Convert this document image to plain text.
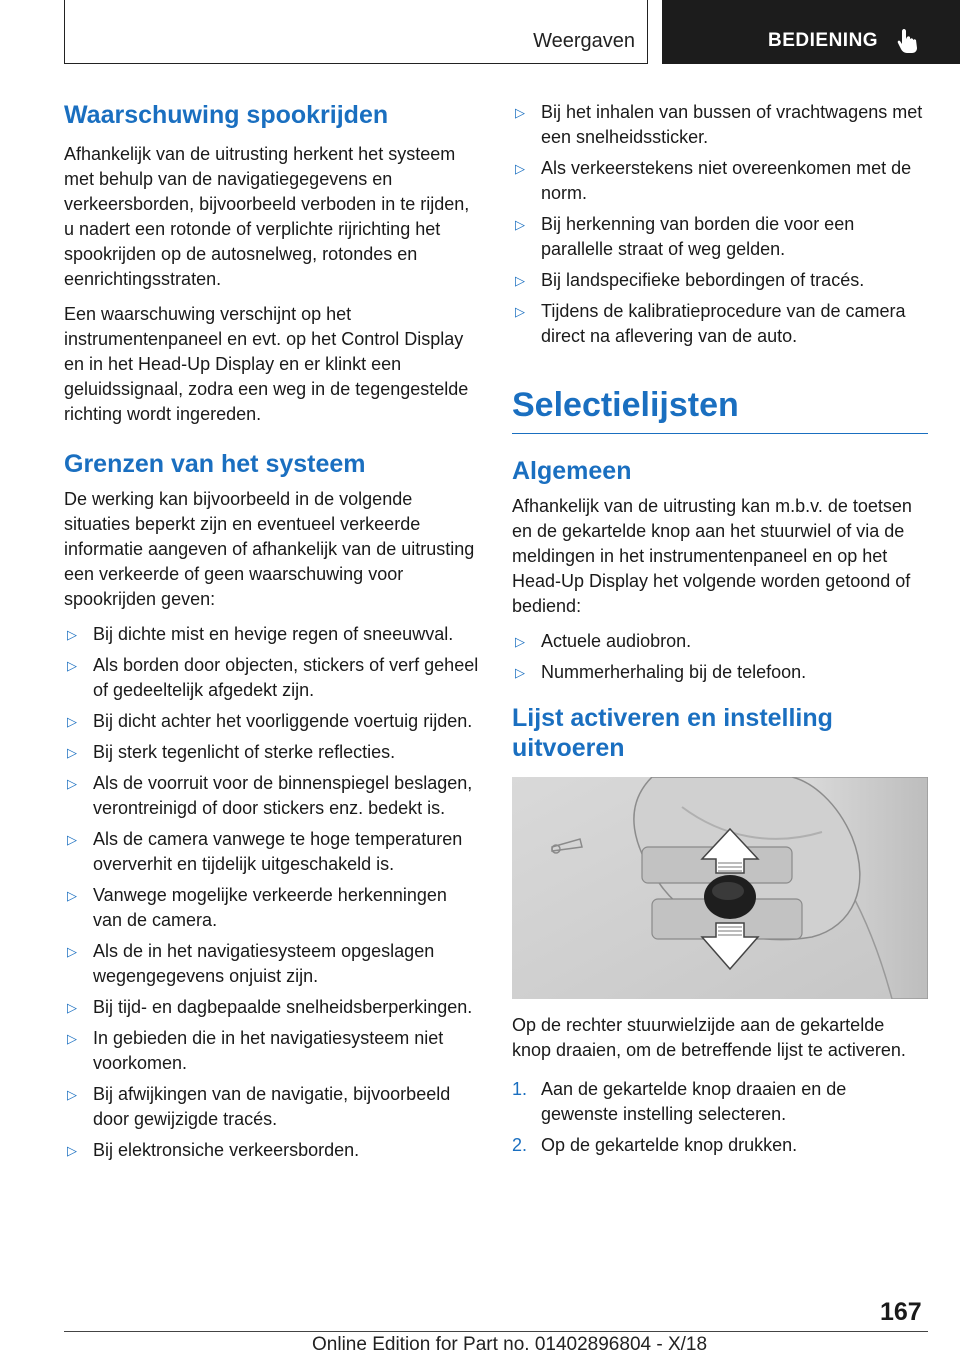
Weergaven	BEDIENING
Waarschuwing spookrijden

Afhankelijk van de uitrusting herkent het systeem met behulp van de navigatiegegevens en verkeersborden, bijvoorbeeld verboden in te rijden, u nadert een rotonde of verplichte rijrichting het spookrijden op de autosnelweg, rotondes en eenrichtingsstraten.

Een waarschuwing verschijnt op het instrumentenpaneel en evt. op het Control Display en in het Head-Up Display en er klinkt een geluidssignaal, zodra een weg in de tegengestelde richting wordt ingereden.

Grenzen van het systeem

De werking kan bijvoorbeeld in de volgende situaties beperkt zijn en eventueel verkeerde informatie aangeven of afhankelijk van de uitrusting een verkeerde of geen waarschuwing voor spookrijden geven:

▷ Bij dichte mist en hevige regen of sneeuwval.
▷ Als borden door objecten, stickers of verf geheel of gedeeltelijk afgedekt zijn.
▷ Bij dicht achter het voorliggende voertuig rijden.
▷ Bij sterk tegenlicht of sterke reflecties.
▷ Als de voorruit voor de binnenspiegel beslagen, verontreinigd of door stickers enz. bedekt is.
▷ Als de camera vanwege te hoge temperaturen oververhit en tijdelijk uitgeschakeld is.
▷ Vanwege mogelijke verkeerde herkenningen van de camera.
▷ Als de in het navigatiesysteem opgeslagen wegengegevens onjuist zijn.
▷ Bij tijd- en dagbepaalde snelheidsberperkingen.
▷ In gebieden die in het navigatiesysteem niet voorkomen.
▷ Bij afwijkingen van de navigatie, bijvoorbeeld door gewijzigde tracés.
▷ Bij elektronsiche verkeersborden.
▷ Bij het inhalen van bussen of vrachtwagens met een snelheidssticker.
▷ Als verkeerstekens niet overeenkomen met de norm.
▷ Bij herkenning van borden die voor een parallelle straat of weg gelden.
▷ Bij landspecifieke bebordingen of tracés.
▷ Tijdens de kalibratieprocedure van de camera direct na aflevering van de auto.
Selectielijsten
Algemeen

Afhankelijk van de uitrusting kan m.b.v. de toetsen en de gekartelde knop aan het stuurwiel of via de meldingen in het instrumentenpaneel en op het Head-Up Display het volgende worden getoond of bediend:

▷ Actuele audiobron.
▷ Nummerherhaling bij de telefoon.
Lijst activeren en instelling uitvoeren

Op de rechter stuurwielzijde aan de gekartelde knop draaien, om de betreffende lijst te activeren.

1. Aan de gekartelde knop draaien en de gewenste instelling selecteren.
2. Op de gekartelde knop drukken.
167
Online Edition for Part no. 01402896804 - X/18
